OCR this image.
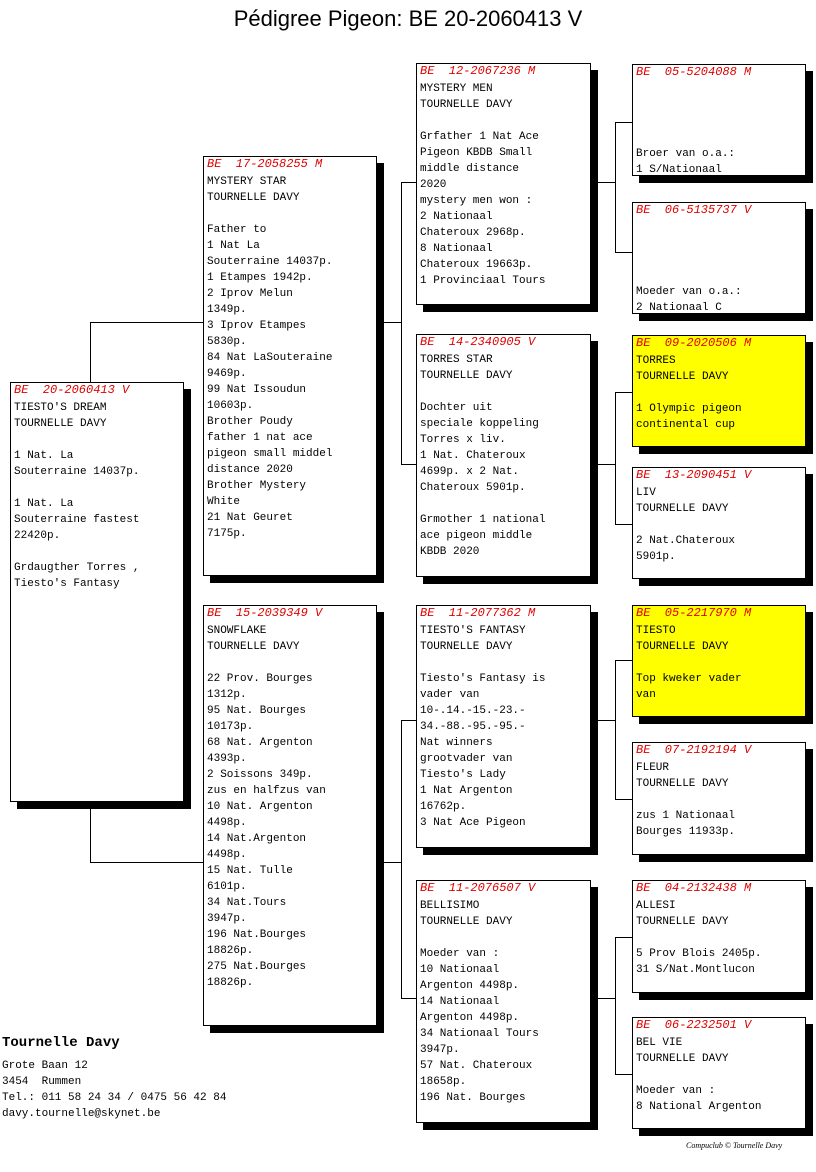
Pédigree Pigeon: BE 20-2060413 V
BE  20-2060413 V
TIESTO'S DREAM
TOURNELLE DAVY

1 Nat. La
Souterraine 14037p.

1 Nat. La
Souterraine fastest
22420p.

Grdaugther Torres ,
Tiesto's Fantasy
BE  17-2058255 M
MYSTERY STAR
TOURNELLE DAVY

Father to
1 Nat La
Souterraine 14037p.
1 Etampes 1942p.
2 Iprov Melun
1349p.
3 Iprov Etampes
5830p.
84 Nat LaSouteraine
9469p.
99 Nat Issoudun
10603p.
Brother Poudy
father 1 nat ace
pigeon small middel
distance 2020
Brother Mystery
White
21 Nat Geuret
7175p.
BE  15-2039349 V
SNOWFLAKE
TOURNELLE DAVY

22 Prov. Bourges
1312p.
95 Nat. Bourges
10173p.
68 Nat. Argenton
4393p.
2 Soissons 349p.
zus en halfzus van
10 Nat. Argenton
4498p.
14 Nat.Argenton
4498p.
15 Nat. Tulle
6101p.
34 Nat.Tours
3947p.
196 Nat.Bourges
18826p.
275 Nat.Bourges
18826p.
BE  12-2067236 M
MYSTERY MEN
TOURNELLE DAVY

Grfather 1 Nat Ace
Pigeon KBDB Small
middle distance
2020
mystery men won :
2 Nationaal
Chateroux 2968p.
8 Nationaal
Chateroux 19663p.
1 Provinciaal Tours
BE  14-2340905 V
TORRES STAR
TOURNELLE DAVY

Dochter uit
speciale koppeling
Torres x liv.
1 Nat. Chateroux
4699p. x 2 Nat.
Chateroux 5901p.

Grmother 1 national
ace pigeon middle
KBDB 2020
BE  11-2077362 M
TIESTO'S FANTASY
TOURNELLE DAVY

Tiesto's Fantasy is
vader van
10-.14.-15.-23.-
34.-88.-95.-95.-
Nat winners
grootvader van
Tiesto's Lady
1 Nat Argenton
16762p.
3 Nat Ace Pigeon
BE  11-2076507 V
BELLISIMO
TOURNELLE DAVY

Moeder van :
10 Nationaal
Argenton 4498p.
14 Nationaal
Argenton 4498p.
34 Nationaal Tours
3947p.
57 Nat. Chateroux
18658p.
196 Nat. Bourges
BE  05-5204088 M

Broer van o.a.:
1 S/Nationaal
BE  06-5135737 V

Moeder van o.a.:
2 Nationaal C
BE  09-2020506 M
TORRES
TOURNELLE DAVY

1 Olympic pigeon
continental cup
BE  13-2090451 V
LIV
TOURNELLE DAVY

2 Nat.Chateroux
5901p.
BE  05-2217970 M
TIESTO
TOURNELLE DAVY

Top kweker vader
van
BE  07-2192194 V
FLEUR
TOURNELLE DAVY

zus 1 Nationaal
Bourges 11933p.
BE  04-2132438 M
ALLESI
TOURNELLE DAVY

5 Prov Blois 2405p.
31 S/Nat.Montlucon
BE  06-2232501 V
BEL VIE
TOURNELLE DAVY

Moeder van :
8 National Argenton
Tournelle Davy
Grote Baan 12
3454  Rummen
Tel.: 011 58 24 34 / 0475 56 42 84
davy.tournelle@skynet.be
Compuclub © Tournelle Davy
